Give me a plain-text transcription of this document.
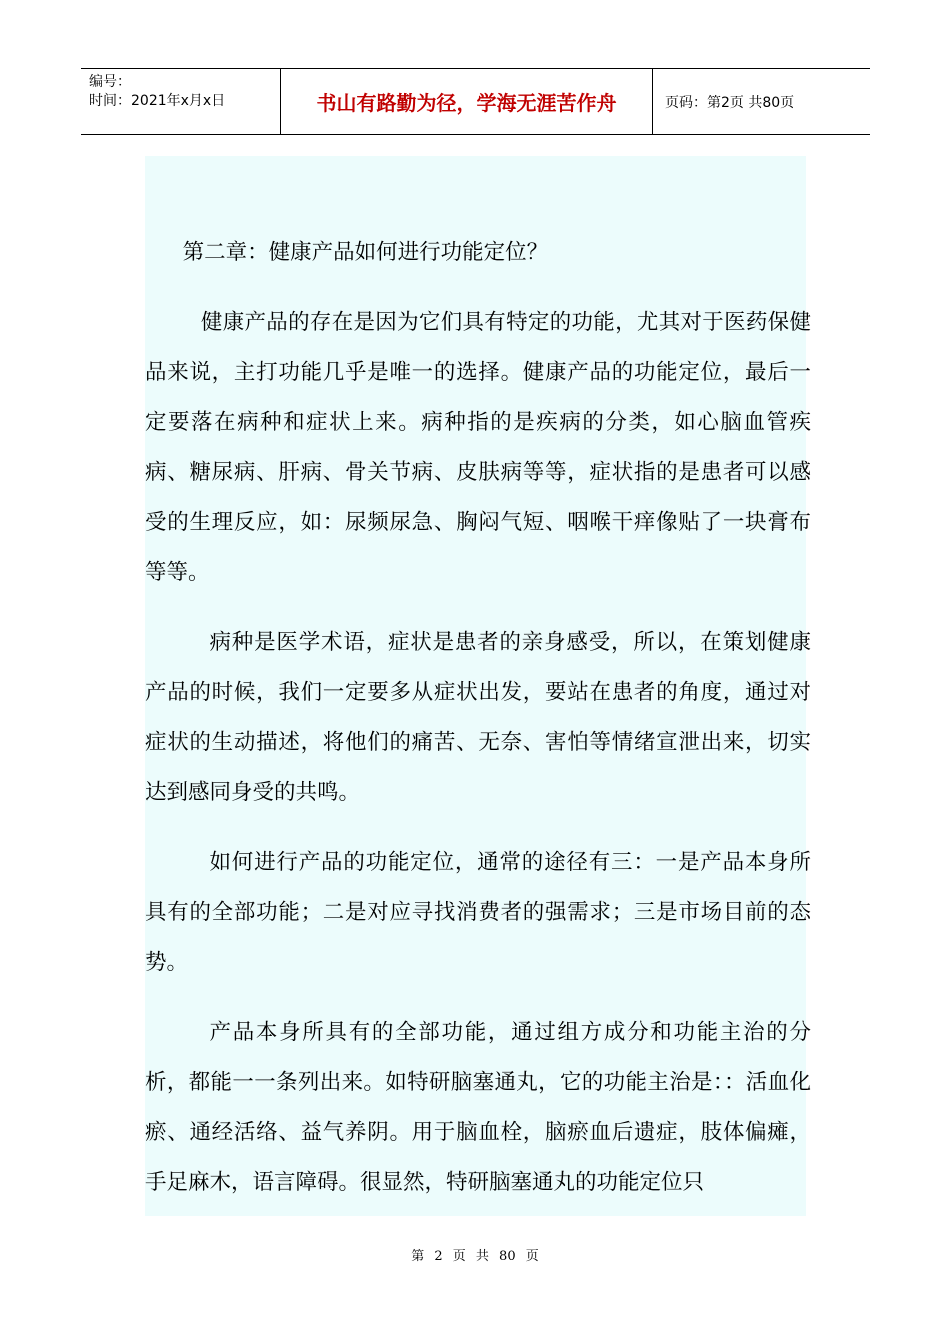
编号：
时间：2021年x月x日	书山有路勤为径，学海无涯苦作舟	页码：第2页 共80页

第二章：健康产品如何进行功能定位？

健康产品的存在是因为它们具有特定的功能，尤其对于医药保健品来说，主打功能几乎是唯一的选择。健康产品的功能定位，最后一定要落在病种和症状上来。病种指的是疾病的分类，如心脑血管疾病、糖尿病、肝病、骨关节病、皮肤病等等，症状指的是患者可以感受的生理反应，如：尿频尿急、胸闷气短、咽喉干痒像贴了一块膏布等等。

病种是医学术语，症状是患者的亲身感受，所以，在策划健康产品的时候，我们一定要多从症状出发，要站在患者的角度，通过对症状的生动描述，将他们的痛苦、无奈、害怕等情绪宣泄出来，切实达到感同身受的共鸣。

如何进行产品的功能定位，通常的途径有三：一是产品本身所具有的全部功能；二是对应寻找消费者的强需求；三是市场目前的态势。

产品本身所具有的全部功能，通过组方成分和功能主治的分析，都能一一条列出来。如特研脑塞通丸，它的功能主治是：：活血化瘀、通经活络、益气养阴。用于脑血栓，脑瘀血后遗症，肢体偏瘫，手足麻木，语言障碍。很显然，特研脑塞通丸的功能定位只

第 2 页 共 80 页
